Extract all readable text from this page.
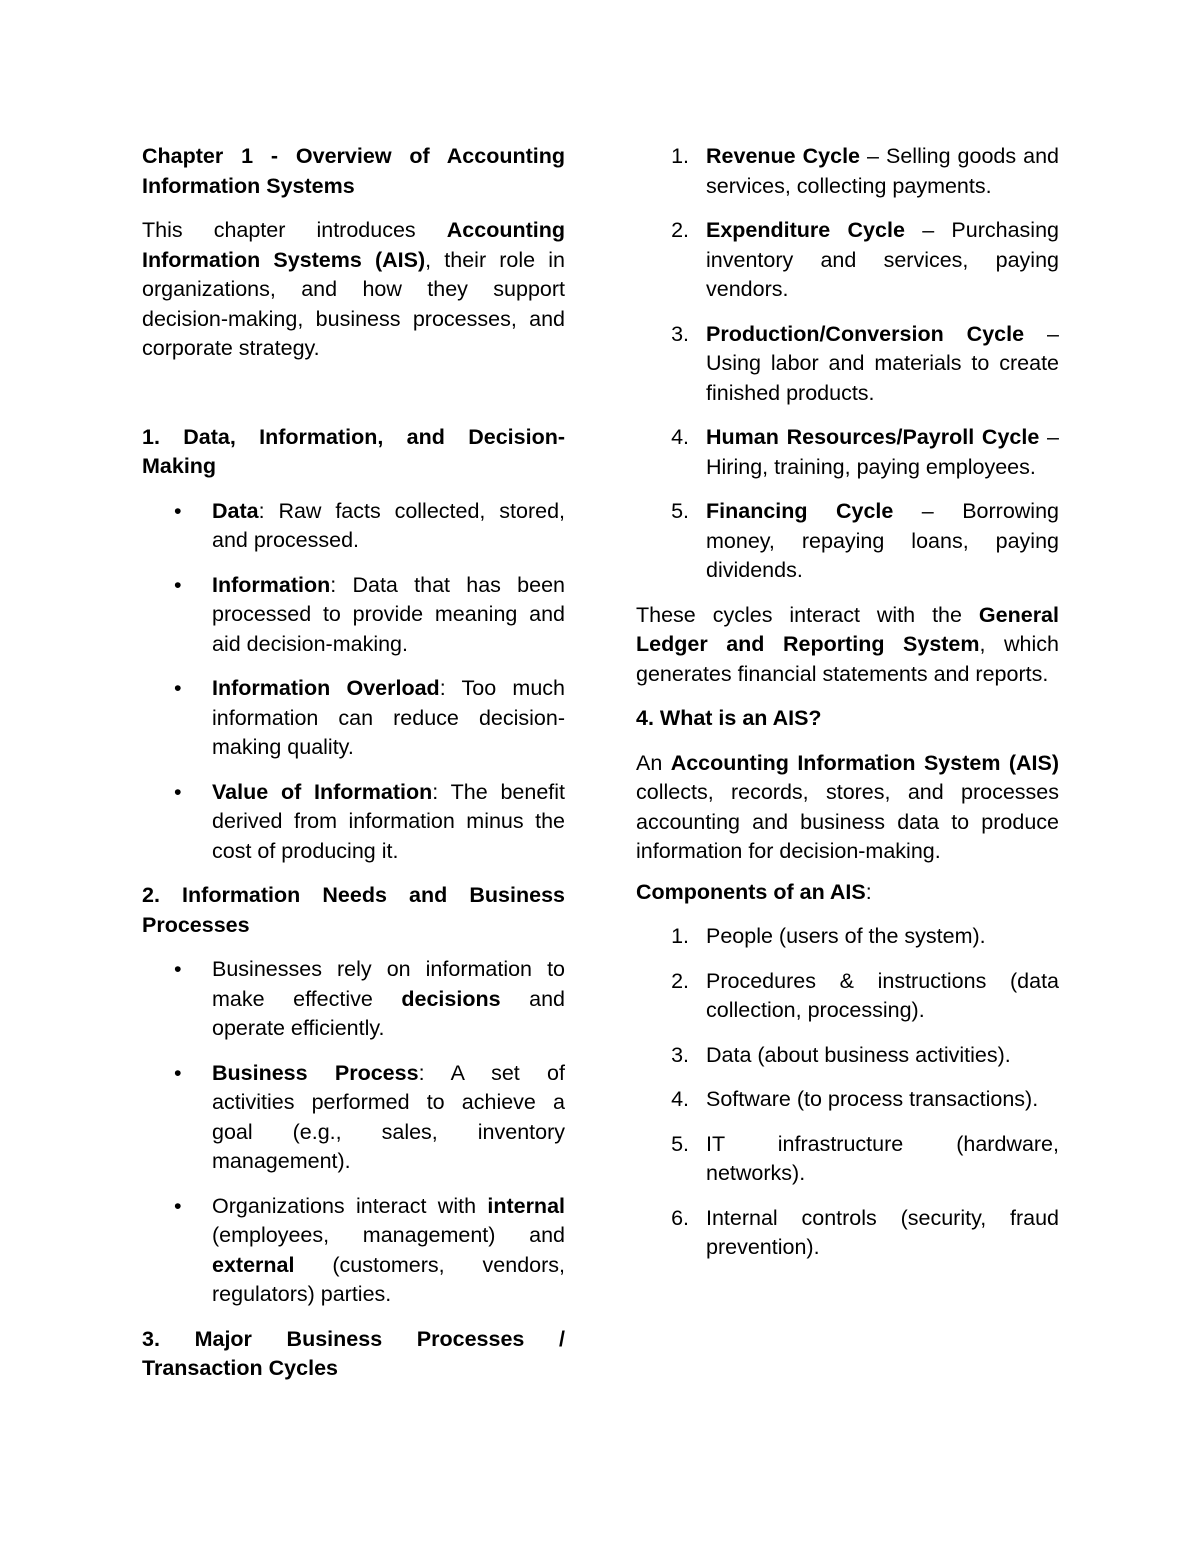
Chapter 1 - Overview of Accounting Information Systems

This chapter introduces Accounting Information Systems (AIS), their role in organizations, and how they support decision-making, business processes, and corporate strategy.

1. Data, Information, and Decision-Making

• Data: Raw facts collected, stored, and processed.
• Information: Data that has been processed to provide meaning and aid decision-making.
• Information Overload: Too much information can reduce decision-making quality.
• Value of Information: The benefit derived from information minus the cost of producing it.

2. Information Needs and Business Processes

• Businesses rely on information to make effective decisions and operate efficiently.
• Business Process: A set of activities performed to achieve a goal (e.g., sales, inventory management).
• Organizations interact with internal (employees, management) and external (customers, vendors, regulators) parties.

3. Major Business Processes / Transaction Cycles

1. Revenue Cycle – Selling goods and services, collecting payments.
2. Expenditure Cycle – Purchasing inventory and services, paying vendors.
3. Production/Conversion Cycle – Using labor and materials to create finished products.
4. Human Resources/Payroll Cycle – Hiring, training, paying employees.
5. Financing Cycle – Borrowing money, repaying loans, paying dividends.

These cycles interact with the General Ledger and Reporting System, which generates financial statements and reports.

4. What is an AIS?

An Accounting Information System (AIS) collects, records, stores, and processes accounting and business data to produce information for decision-making.

Components of an AIS:

1. People (users of the system).
2. Procedures & instructions (data collection, processing).
3. Data (about business activities).
4. Software (to process transactions).
5. IT infrastructure (hardware, networks).
6. Internal controls (security, fraud prevention).
